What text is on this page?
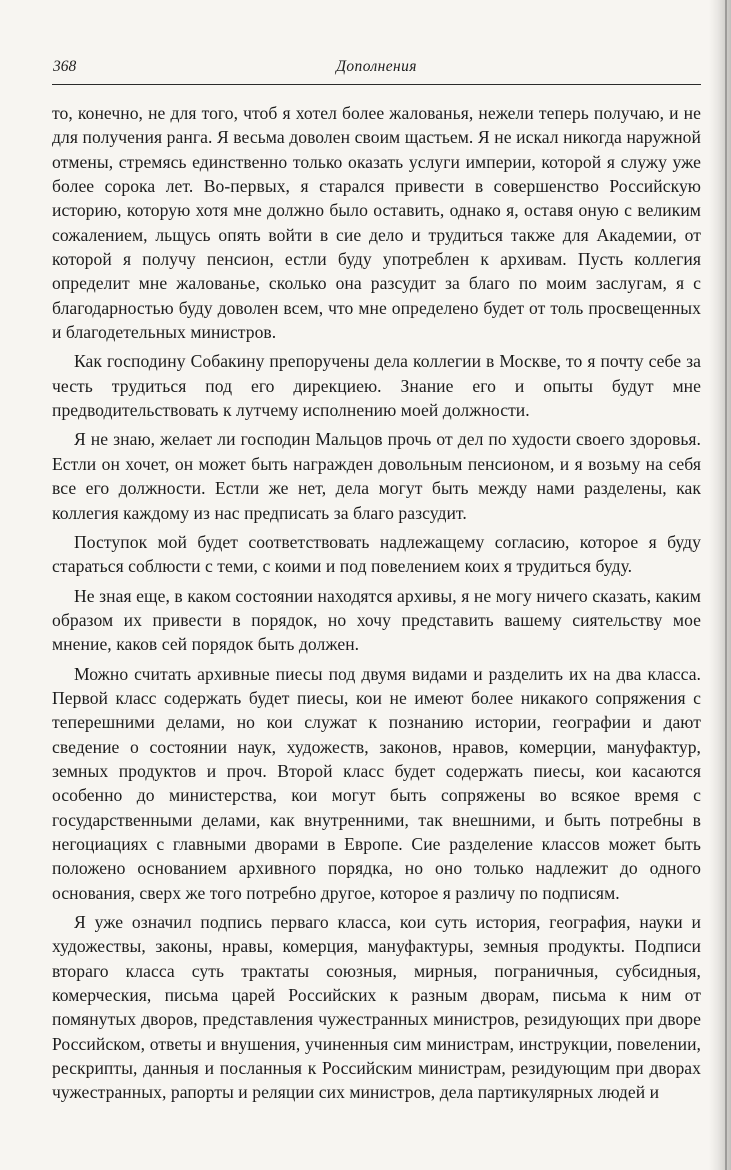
368	Дополнения

то, конечно, не для того, чтоб я хотел более жалованья, нежели теперь получаю, и не для получения ранга. Я весьма доволен своим щастьем. Я не искал никогда наружной отмены, стремясь единственно только оказать услуги империи, которой я служу уже более сорока лет. Во-первых, я старался привести в совершенство Российскую историю, которую хотя мне должно было оставить, однако я, оставя оную с великим сожалением, льщусь опять войти в сие дело и трудиться также для Академии, от которой я получу пенсион, естли буду употреблен к архивам. Пусть коллегия определит мне жалованье, сколько она разсудит за благо по моим заслугам, я с благодарностью буду доволен всем, что мне определено будет от толь просвещенных и благодетельных министров.

Как господину Собакину препоручены дела коллегии в Москве, то я почту себе за честь трудиться под его дирекциею. Знание его и опыты будут мне предводительствовать к лутчему исполнению моей должности.

Я не знаю, желает ли господин Мальцов прочь от дел по худости своего здоровья. Естли он хочет, он может быть награжден довольным пенсионом, и я возьму на себя все его должности. Естли же нет, дела могут быть между нами разделены, как коллегия каждому из нас предписать за благо разсудит.

Поступок мой будет соответствовать надлежащему согласию, которое я буду стараться соблюсти с теми, с коими и под повелением коих я трудиться буду.

Не зная еще, в каком состоянии находятся архивы, я не могу ничего сказать, каким образом их привести в порядок, но хочу представить вашему сиятельству мое мнение, каков сей порядок быть должен.

Можно считать архивные пиесы под двумя видами и разделить их на два класса. Первой класс содержать будет пиесы, кои не имеют более никакого сопряжения с теперешними делами, но кои служат к познанию истории, географии и дают сведение о состоянии наук, художеств, законов, нравов, комерции, мануфактур, земных продуктов и проч. Второй класс будет содержать пиесы, кои касаются особенно до министерства, кои могут быть сопряжены во всякое время с государственными делами, как внутренними, так внешними, и быть потребны в негоциациях с главными дворами в Европе. Сие разделение классов может быть положено основанием архивного порядка, но оно только надлежит до одного основания, сверх же того потребно другое, которое я различу по подписям.

Я уже означил подпись перваго класса, кои суть история, география, науки и художествы, законы, нравы, комерция, мануфактуры, земныя продукты. Подписи втораго класса суть трактаты союзныя, мирныя, пограничныя, субсидныя, комерческия, письма царей Российских к разным дворам, письма к ним от помянутых дворов, представления чужестранных министров, резидующих при дворе Российском, ответы и внушения, учиненныя сим министрам, инструкции, повелении, рескрипты, данныя и посланныя к Российским министрам, резидующим при дворах чужестранных, рапорты и реляции сих министров, дела партикулярных людей и
